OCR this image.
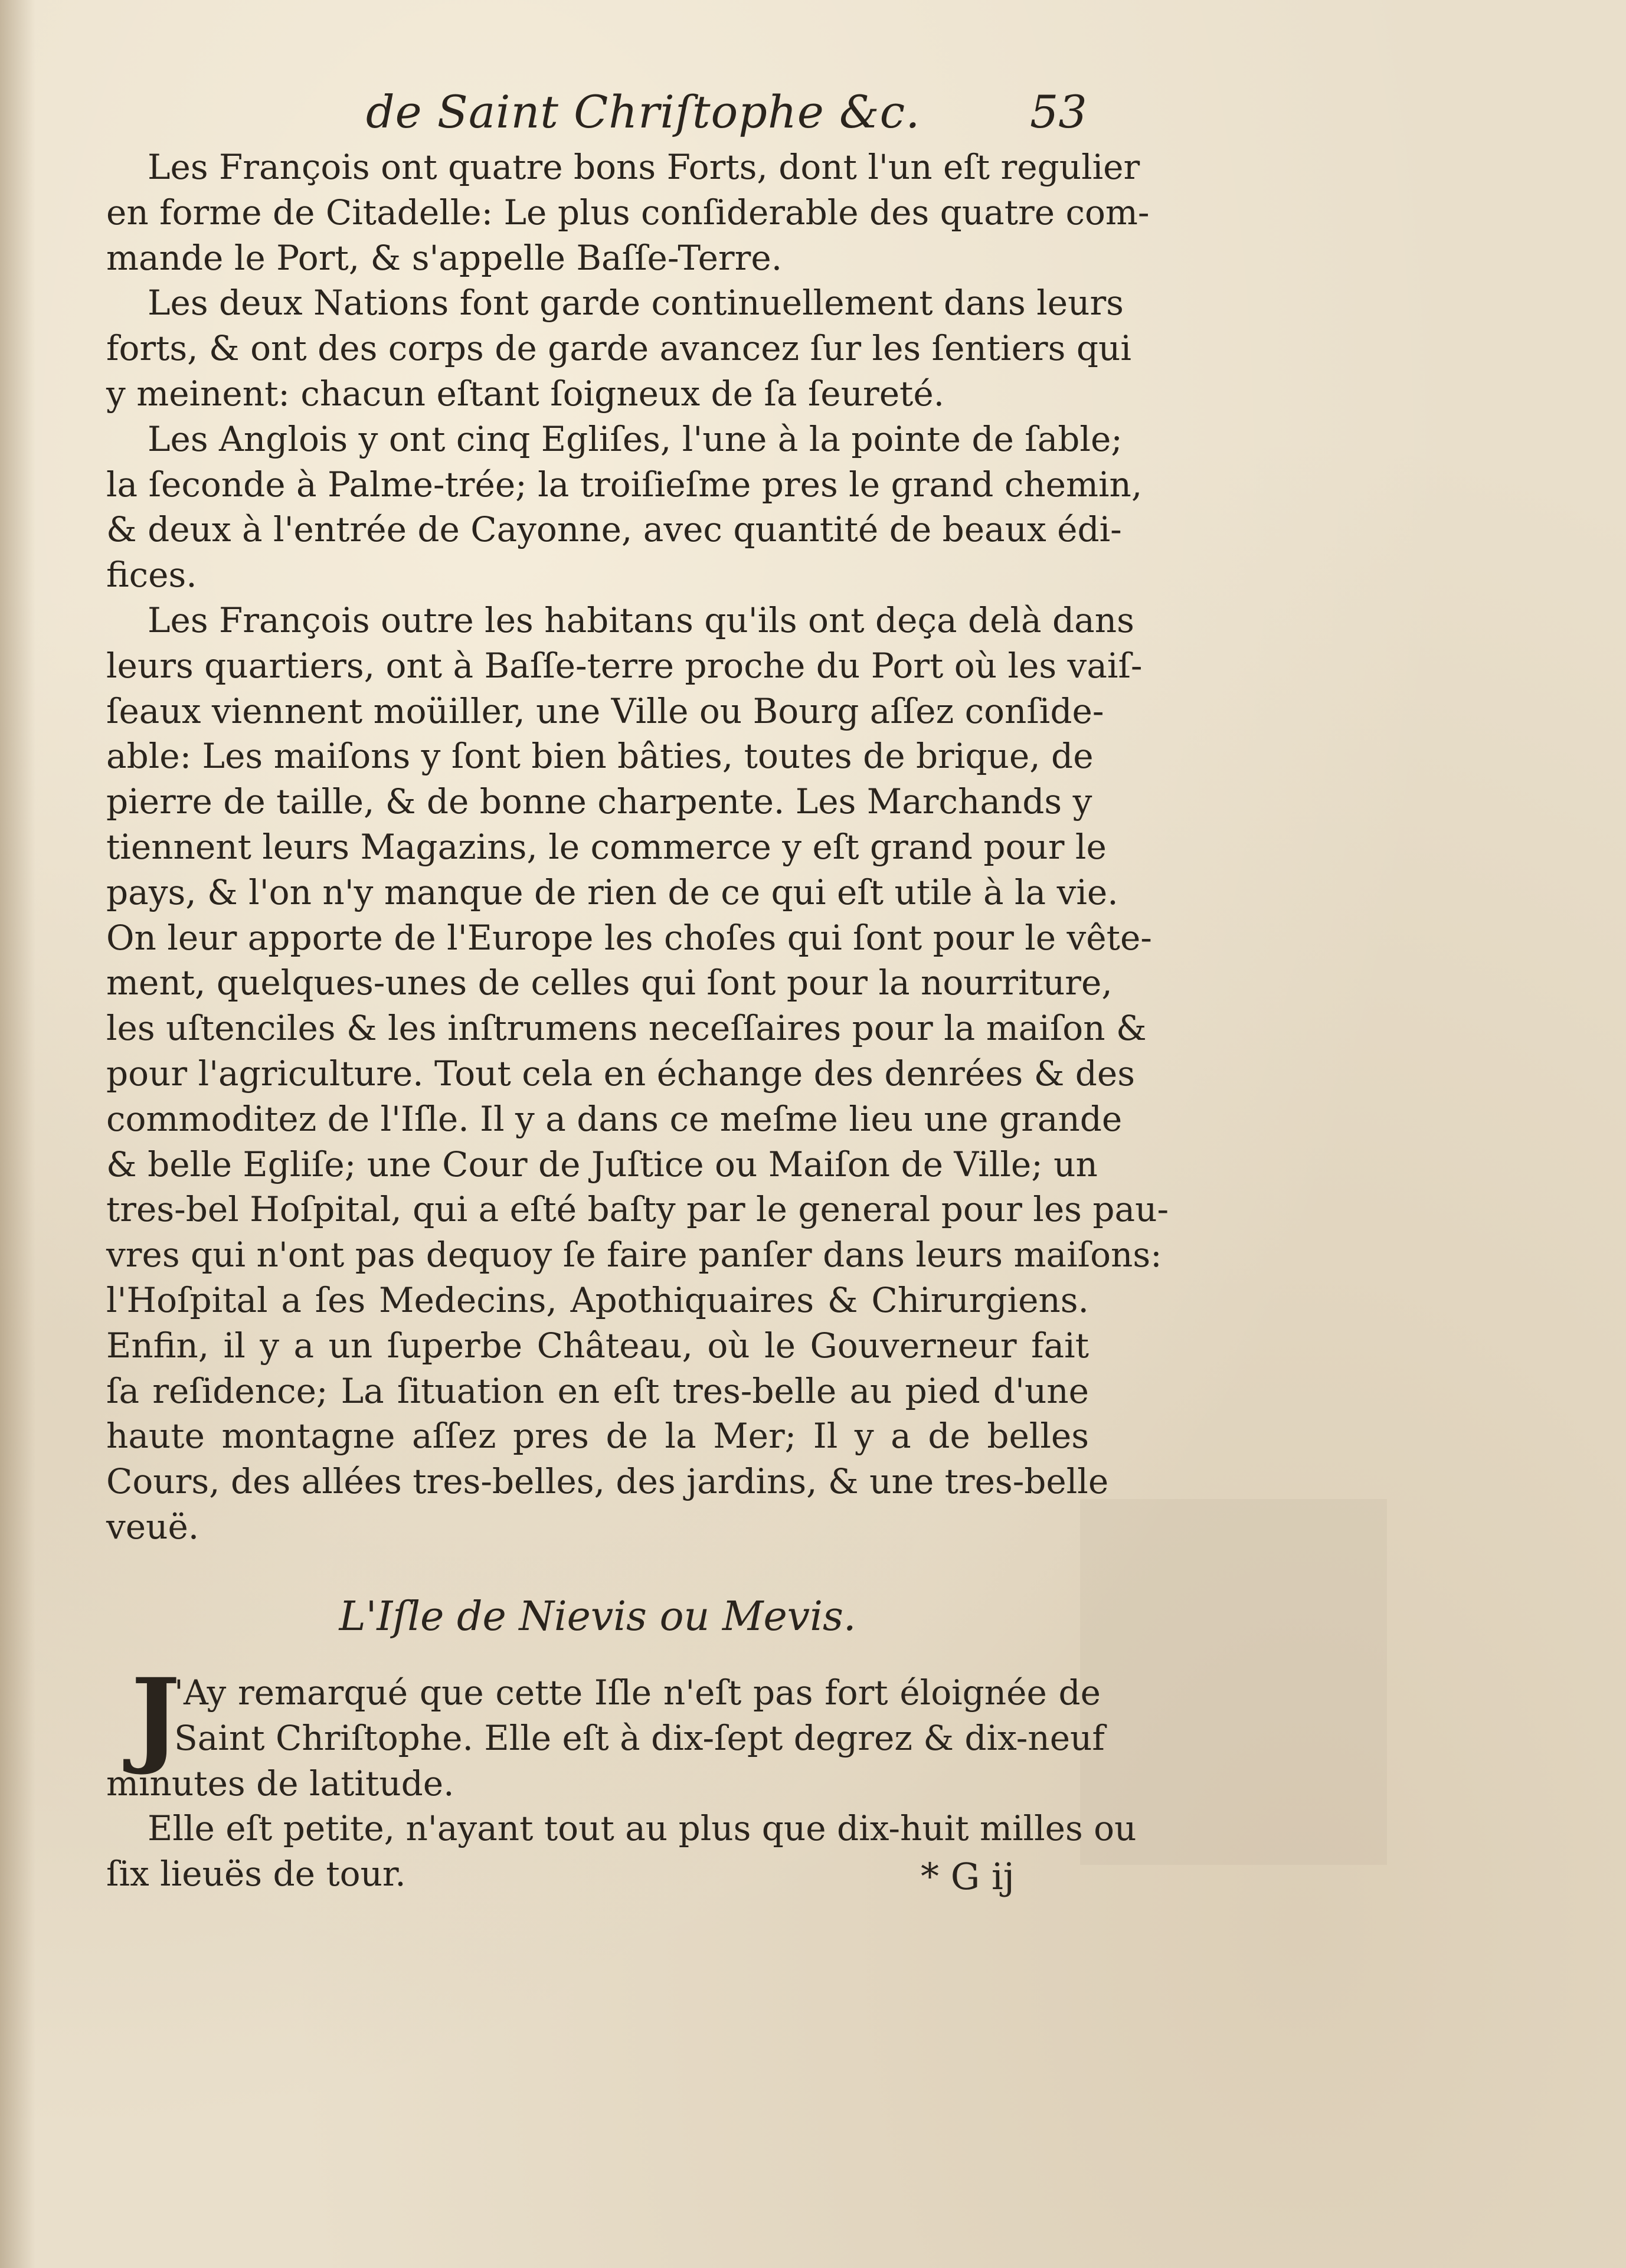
de Saint Chriſtophe &c.	53

Les François ont quatre bons Forts, dont l'un eſt regulier
en forme de Citadelle: Le plus conſiderable des quatre com-
mande le Port, & s'appelle Baſſe-Terre.

Les deux Nations font garde continuellement dans leurs
forts, & ont des corps de garde avancez ſur les ſentiers qui
y meinent: chacun eſtant ſoigneux de ſa ſeureté.

Les Anglois y ont cinq Egliſes, l'une à la pointe de ſable;
la ſeconde à Palme-trée; la troiſieſme pres le grand chemin,
& deux à l'entrée de Cayonne, avec quantité de beaux édi-
fices.

Les François outre les habitans qu'ils ont deça delà dans
leurs quartiers, ont à Baſſe-terre proche du Port où les vaiſ-
ſeaux viennent moüiller, une Ville ou Bourg aſſez conſide-
able: Les maiſons y ſont bien bâties, toutes de brique, de
pierre de taille, & de bonne charpente. Les Marchands y
tiennent leurs Magazins, le commerce y eſt grand pour le
pays, & l'on n'y manque de rien de ce qui eſt utile à la vie.
On leur apporte de l'Europe les choſes qui ſont pour le vête-
ment, quelques-unes de celles qui ſont pour la nourriture,
les uſtenciles & les inſtrumens neceſſaires pour la maiſon &
pour l'agriculture. Tout cela en échange des denrées & des
commoditez de l'Iſle. Il y a dans ce meſme lieu une grande
& belle Egliſe; une Cour de Juſtice ou Maiſon de Ville; un
tres-bel Hoſpital, qui a eſté baſty par le general pour les pau-
vres qui n'ont pas dequoy ſe faire panſer dans leurs maiſons:
l'Hoſpital a ſes Medecins, Apothiquaires & Chirurgiens.
Enfin, il y a un ſuperbe Château, où le Gouverneur fait
ſa reſidence; La ſituation en eſt tres-belle au pied d'une
haute montagne aſſez pres de la Mer; Il y a de belles
Cours, des allées tres-belles, des jardins, & une tres-belle
veuë.

L'Iſle de Nievis ou Mevis.
J
'Ay remarqué que cette Iſle n'eſt pas fort éloignée de
Saint Chriſtophe. Elle eſt à dix-ſept degrez & dix-neuf
minutes de latitude.
Elle eſt petite, n'ayant tout au plus que dix-huit milles ou
ſix lieuës de tour.	* G ij
